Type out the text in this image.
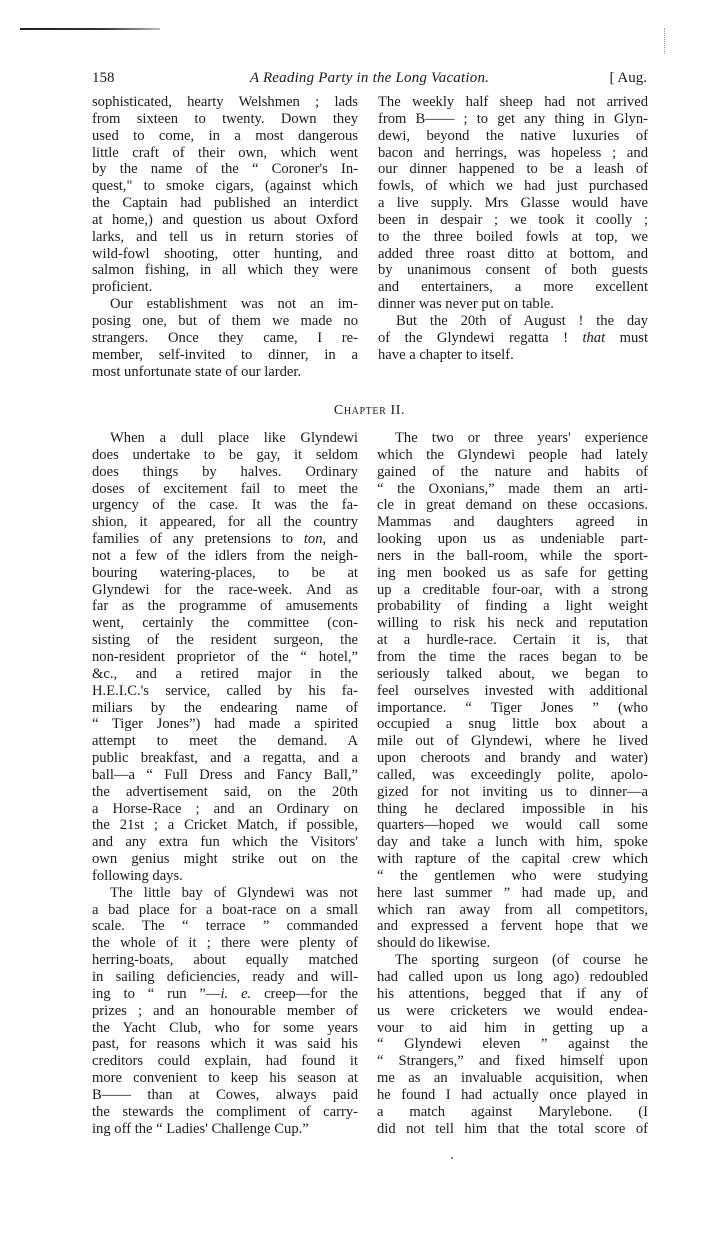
158	A Reading Party in the Long Vacation.	[ Aug.
sophisticated, hearty Welshmen ; lads
from sixteen to twenty. Down they
used to come, in a most dangerous
little craft of their own, which went
by the name of the “ Coroner's In-
quest," to smoke cigars, (against which
the Captain had published an interdict
at home,) and question us about Oxford
larks, and tell us in return stories of
wild-fowl shooting, otter hunting, and
salmon fishing, in all which they were
proficient.
Our establishment was not an im-
posing one, but of them we made no
strangers. Once they came, I re-
member, self-invited to dinner, in a
most unfortunate state of our larder.
The weekly half sheep had not arrived
from B—— ; to get any thing in Glyn-
dewi, beyond the native luxuries of
bacon and herrings, was hopeless ; and
our dinner happened to be a leash of
fowls, of which we had just purchased
a live supply. Mrs Glasse would have
been in despair ; we took it coolly ;
to the three boiled fowls at top, we
added three roast ditto at bottom, and
by unanimous consent of both guests
and entertainers, a more excellent
dinner was never put on table.
But the 20th of August ! the day
of the Glyndewi regatta ! that must
have a chapter to itself.
Chapter II.
When a dull place like Glyndewi
does undertake to be gay, it seldom
does things by halves. Ordinary
doses of excitement fail to meet the
urgency of the case. It was the fa-
shion, it appeared, for all the country
families of any pretensions to ton, and
not a few of the idlers from the neigh-
bouring watering-places, to be at
Glyndewi for the race-week. And as
far as the programme of amusements
went, certainly the committee (con-
sisting of the resident surgeon, the
non-resident proprietor of the “ hotel,”
&c., and a retired major in the
H.E.I.C.'s service, called by his fa-
miliars by the endearing name of
“ Tiger Jones”) had made a spirited
attempt to meet the demand. A
public breakfast, and a regatta, and a
ball—a “ Full Dress and Fancy Ball,”
the advertisement said, on the 20th
a Horse-Race ; and an Ordinary on
the 21st ; a Cricket Match, if possible,
and any extra fun which the Visitors'
own genius might strike out on the
following days.
The little bay of Glyndewi was not
a bad place for a boat-race on a small
scale. The “ terrace ” commanded
the whole of it ; there were plenty of
herring-boats, about equally matched
in sailing deficiencies, ready and will-
ing to “ run ”—i. e. creep—for the
prizes ; and an honourable member of
the Yacht Club, who for some years
past, for reasons which it was said his
creditors could explain, had found it
more convenient to keep his season at
B—— than at Cowes, always paid
the stewards the compliment of carry-
ing off the “ Ladies' Challenge Cup.”
The two or three years' experience
which the Glyndewi people had lately
gained of the nature and habits of
“ the Oxonians,” made them an arti-
cle in great demand on these occasions.
Mammas and daughters agreed in
looking upon us as undeniable part-
ners in the ball-room, while the sport-
ing men booked us as safe for getting
up a creditable four-oar, with a strong
probability of finding a light weight
willing to risk his neck and reputation
at a hurdle-race. Certain it is, that
from the time the races began to be
seriously talked about, we began to
feel ourselves invested with additional
importance. “ Tiger Jones ” (who
occupied a snug little box about a
mile out of Glyndewi, where he lived
upon cheroots and brandy and water)
called, was exceedingly polite, apolo-
gized for not inviting us to dinner—a
thing he declared impossible in his
quarters—hoped we would call some
day and take a lunch with him, spoke
with rapture of the capital crew which
“ the gentlemen who were studying
here last summer ” had made up, and
which ran away from all competitors,
and expressed a fervent hope that we
should do likewise.
The sporting surgeon (of course he
had called upon us long ago) redoubled
his attentions, begged that if any of
us were cricketers we would endea-
vour to aid him in getting up a
“ Glyndewi eleven ” against the
“ Strangers,” and fixed himself upon
me as an invaluable acquisition, when
he found I had actually once played in
a match against Marylebone. (I
did not tell him that the total score of
